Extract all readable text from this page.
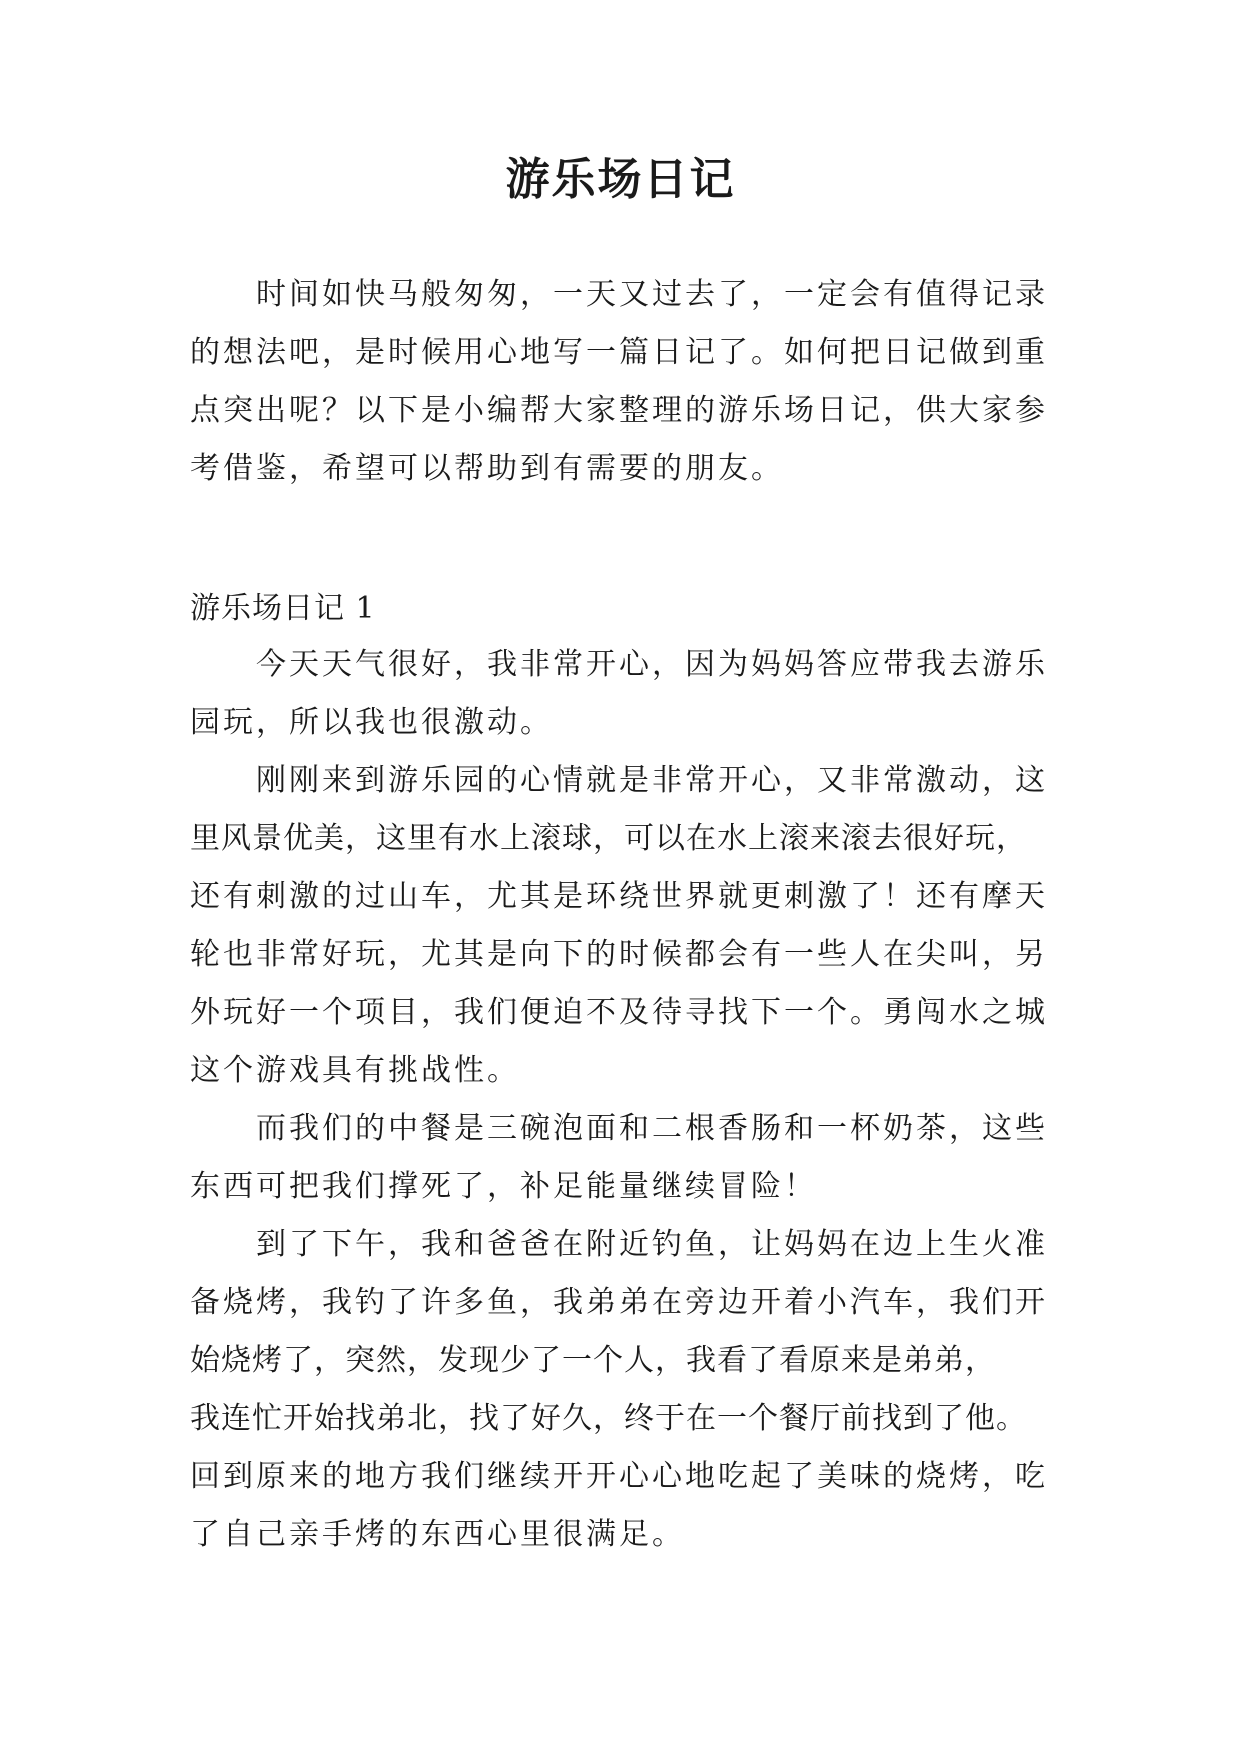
游乐场日记
时间如快马般匆匆，一天又过去了，一定会有值得记录
的想法吧，是时候用心地写一篇日记了。如何把日记做到重
点突出呢？以下是小编帮大家整理的游乐场日记，供大家参
考借鉴，希望可以帮助到有需要的朋友。
游乐场日记 1
今天天气很好，我非常开心，因为妈妈答应带我去游乐
园玩，所以我也很激动。
刚刚来到游乐园的心情就是非常开心，又非常激动，这
里风景优美，这里有水上滚球，可以在水上滚来滚去很好玩，
还有刺激的过山车，尤其是环绕世界就更刺激了！还有摩天
轮也非常好玩，尤其是向下的时候都会有一些人在尖叫，另
外玩好一个项目，我们便迫不及待寻找下一个。勇闯水之城
这个游戏具有挑战性。
而我们的中餐是三碗泡面和二根香肠和一杯奶茶，这些
东西可把我们撑死了，补足能量继续冒险！
到了下午，我和爸爸在附近钓鱼，让妈妈在边上生火准
备烧烤，我钓了许多鱼，我弟弟在旁边开着小汽车，我们开
始烧烤了，突然，发现少了一个人，我看了看原来是弟弟，
我连忙开始找弟北，找了好久，终于在一个餐厅前找到了他。
回到原来的地方我们继续开开心心地吃起了美味的烧烤，吃
了自己亲手烤的东西心里很满足。
